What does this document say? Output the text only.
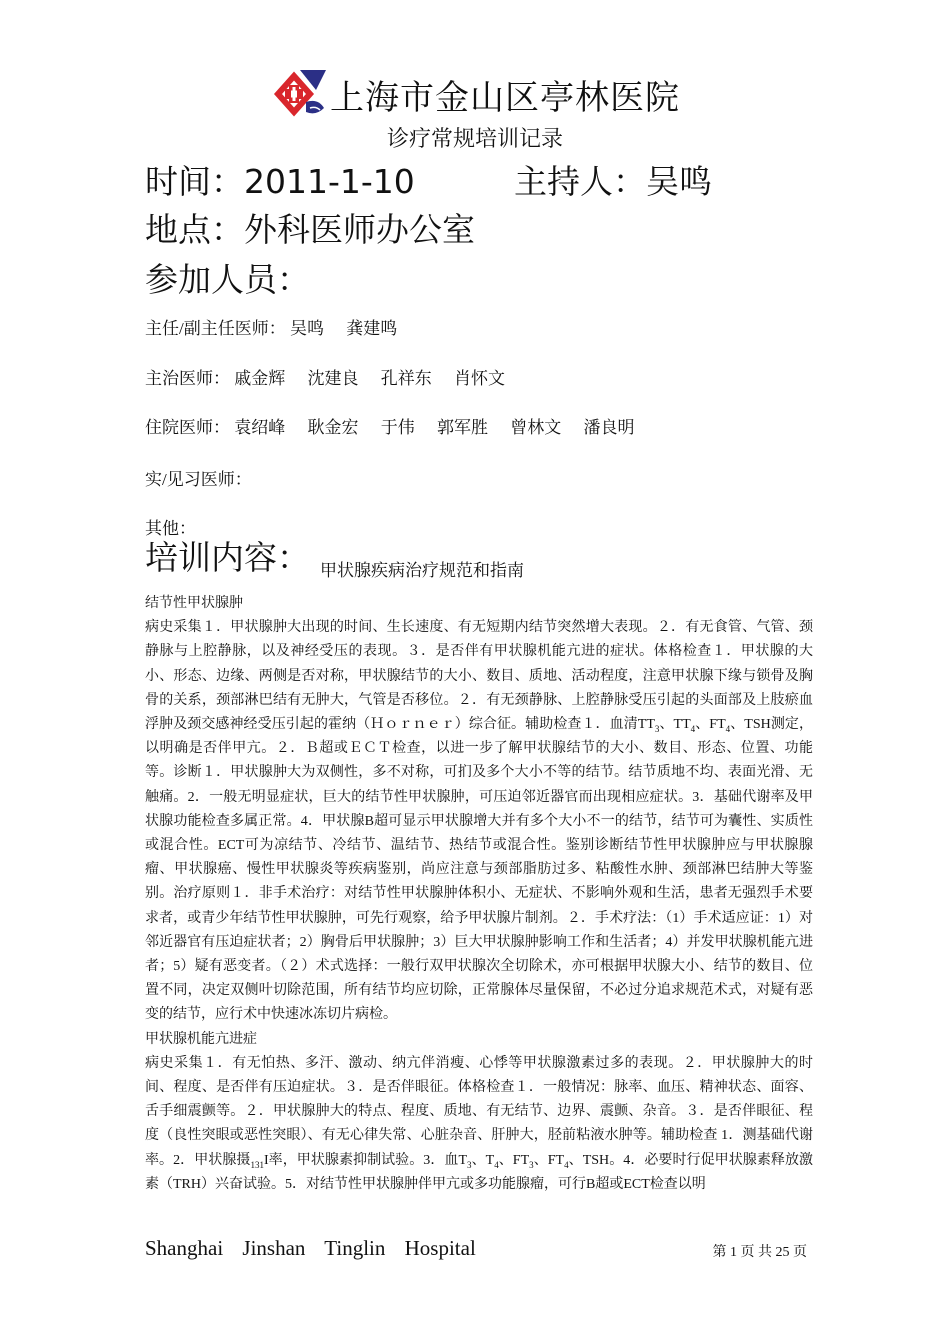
上海市金山区亭林医院
诊疗常规培训记录
时间：2011-1-10	主持人：吴鸣
地点：外科医师办公室
参加人员：
主任/副主任医师： 吴鸣 龚建鸣
主治医师： 戚金辉 沈建良 孔祥东 肖怀文
住院医师： 袁绍峰 耿金宏 于伟 郭军胜 曾林文 潘良明
实/见习医师：
其他：
培训内容： 甲状腺疾病治疗规范和指南

结节性甲状腺肿

病史采集１．甲状腺肿大出现的时间、生长速度、有无短期内结节突然增大表现。２．有无食管、气管、颈静脉与上腔静脉，以及神经受压的表现。３．是否伴有甲状腺机能亢进的症状。体格检查１．甲状腺的大小、形态、边缘、两侧是否对称，甲状腺结节的大小、数目、质地、活动程度，注意甲状腺下缘与锁骨及胸骨的关系，颈部淋巴结有无肿大，气管是否移位。２．有无颈静脉、上腔静脉受压引起的头面部及上肢瘀血浮肿及颈交感神经受压引起的霍纳（Ｈｏｒｎｅｒ）综合征。辅助检查１．血清$TT_3$、$TT_4$、$FT_4$、TSH测定，以明确是否伴甲亢。２．Ｂ超或ＥＣＴ检查，以进一步了解甲状腺结节的大小、数目、形态、位置、功能等。诊断１．甲状腺肿大为双侧性，多不对称，可扪及多个大小不等的结节。结节质地不均、表面光滑、无触痛。2．一般无明显症状，巨大的结节性甲状腺肿，可压迫邻近器官而出现相应症状。3．基础代谢率及甲状腺功能检查多属正常。4．甲状腺B超可显示甲状腺增大并有多个大小不一的结节，结节可为囊性、实质性或混合性。ECT可为凉结节、冷结节、温结节、热结节或混合性。鉴别诊断结节性甲状腺肿应与甲状腺腺瘤、甲状腺癌、慢性甲状腺炎等疾病鉴别，尚应注意与颈部脂肪过多、粘酸性水肿、颈部淋巴结肿大等鉴别。治疗原则１．非手术治疗：对结节性甲状腺肿体积小、无症状、不影响外观和生活，患者无强烈手术要求者，或青少年结节性甲状腺肿，可先行观察，给予甲状腺片制剂。２．手术疗法：（1）手术适应证：1）对邻近器官有压迫症状者；2）胸骨后甲状腺肿；3）巨大甲状腺肿影响工作和生活者；4）并发甲状腺机能亢进者；5）疑有恶变者。（２）术式选择：一般行双甲状腺次全切除术，亦可根据甲状腺大小、结节的数目、位置不同，决定双侧叶切除范围，所有结节均应切除，正常腺体尽量保留，不必过分追求规范术式，对疑有恶变的结节，应行术中快速冰冻切片病检。

甲状腺机能亢进症

病史采集１．有无怕热、多汗、激动、纳亢伴消瘦、心悸等甲状腺激素过多的表现。２．甲状腺肿大的时间、程度、是否伴有压迫症状。３．是否伴眼征。体格检查１．一般情况：脉率、血压、精神状态、面容、舌手细震颤等。２．甲状腺肿大的特点、程度、质地、有无结节、边界、震颤、杂音。３．是否伴眼征、程度（良性突眼或恶性突眼）、有无心律失常、心脏杂音、肝肿大，胫前粘液水肿等。辅助检查 1．测基础代谢率。2．甲状腺摄$_{131}$I率，甲状腺素抑制试验。3．血$T_3$、$T_4$、$FT_3$、$FT_4$、TSH。4．必要时行促甲状腺素释放激素（TRH）兴奋试验。5．对结节性甲状腺肿伴甲亢或多功能腺瘤，可行B超或ECT检查以明

Shanghai Jinshan Tinglin Hospital	第 1 页 共 25 页
